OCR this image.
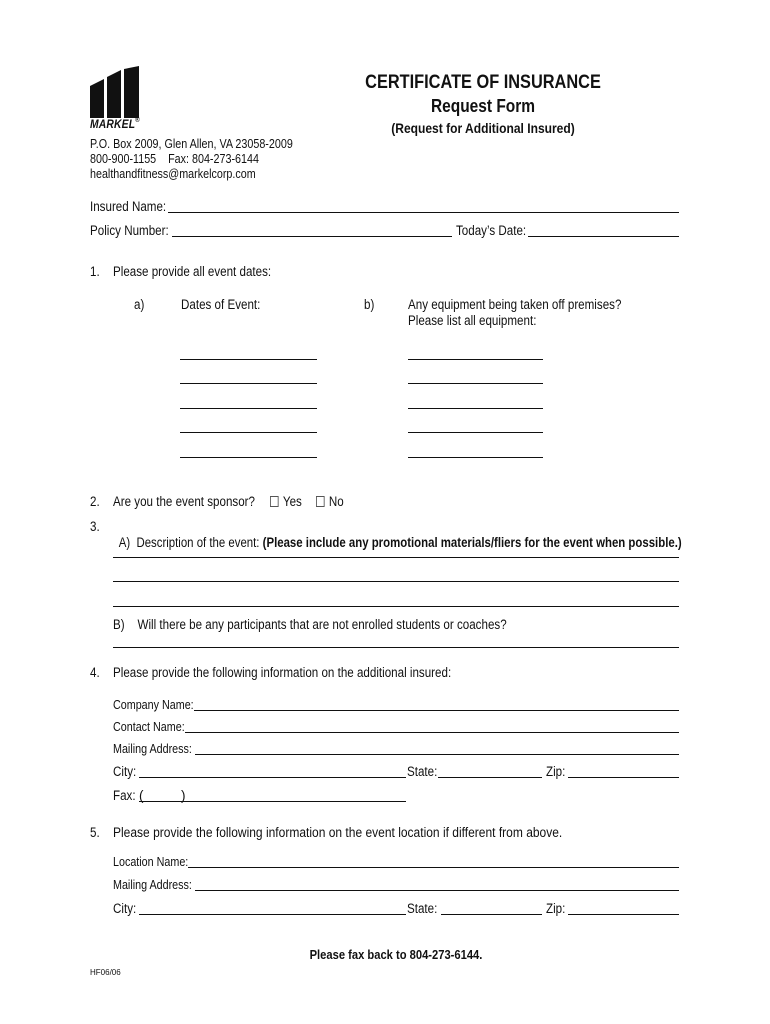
MARKEL®
P.O. Box 2009, Glen Allen, VA 23058-2009
800-900-1155    Fax: 804-273-6144
healthandfitness@markelcorp.com
CERTIFICATE OF INSURANCE
Request Form
(Request for Additional Insured)
Insured Name:
Policy Number:	Today’s Date:
1. Please provide all event dates:
a)	Dates of Event:	b) Any equipment being taken off premises?
Please list all equipment:
2. Are you the event sponsor?	Yes	No
3.

A)  Description of the event: (Please include any promotional materials/fliers for the event when possible.)

B)    Will there be any participants that are not enrolled students or coaches?
4. Please provide the following information on the additional insured:
Company Name:
Contact Name:
Mailing Address:
City:	State:	Zip:
Fax: (	)
5. Please provide the following information on the event location if different from above.
Location Name:
Mailing Address:
City:	State:	Zip:
Please fax back to 804-273-6144.
HF06/06
